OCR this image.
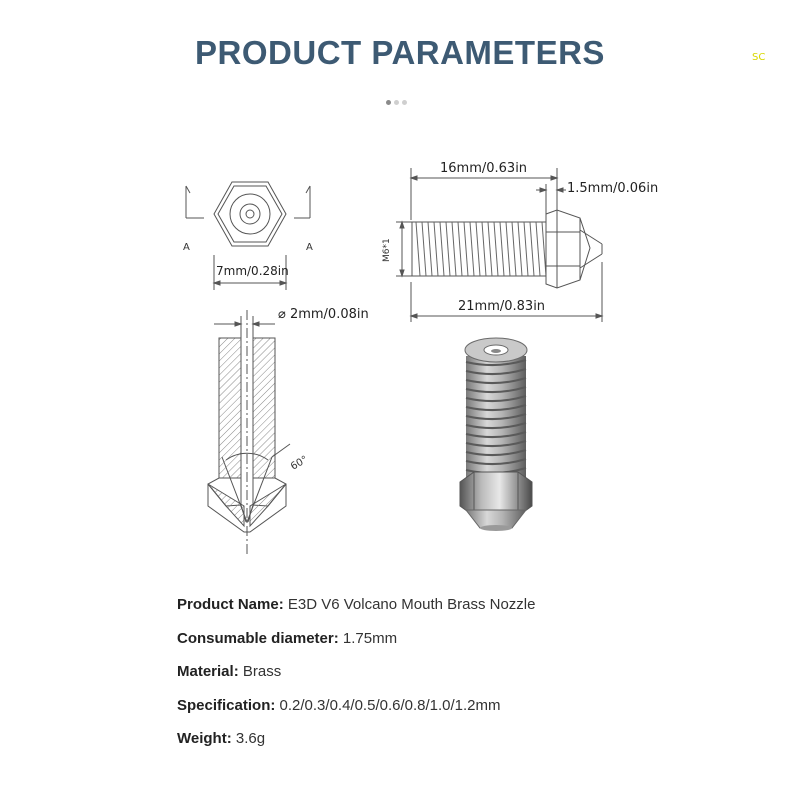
PRODUCT PARAMETERS	SC
A	A
7mm/0.28in
16mm/0.63in
1.5mm/0.06in
21mm/0.83in
M6*1
⌀ 2mm/0.08in
60°
Product Name: E3D V6 Volcano Mouth Brass Nozzle
Consumable diameter: 1.75mm
Material: Brass
Specification: 0.2/0.3/0.4/0.5/0.6/0.8/1.0/1.2mm
Weight: 3.6g
